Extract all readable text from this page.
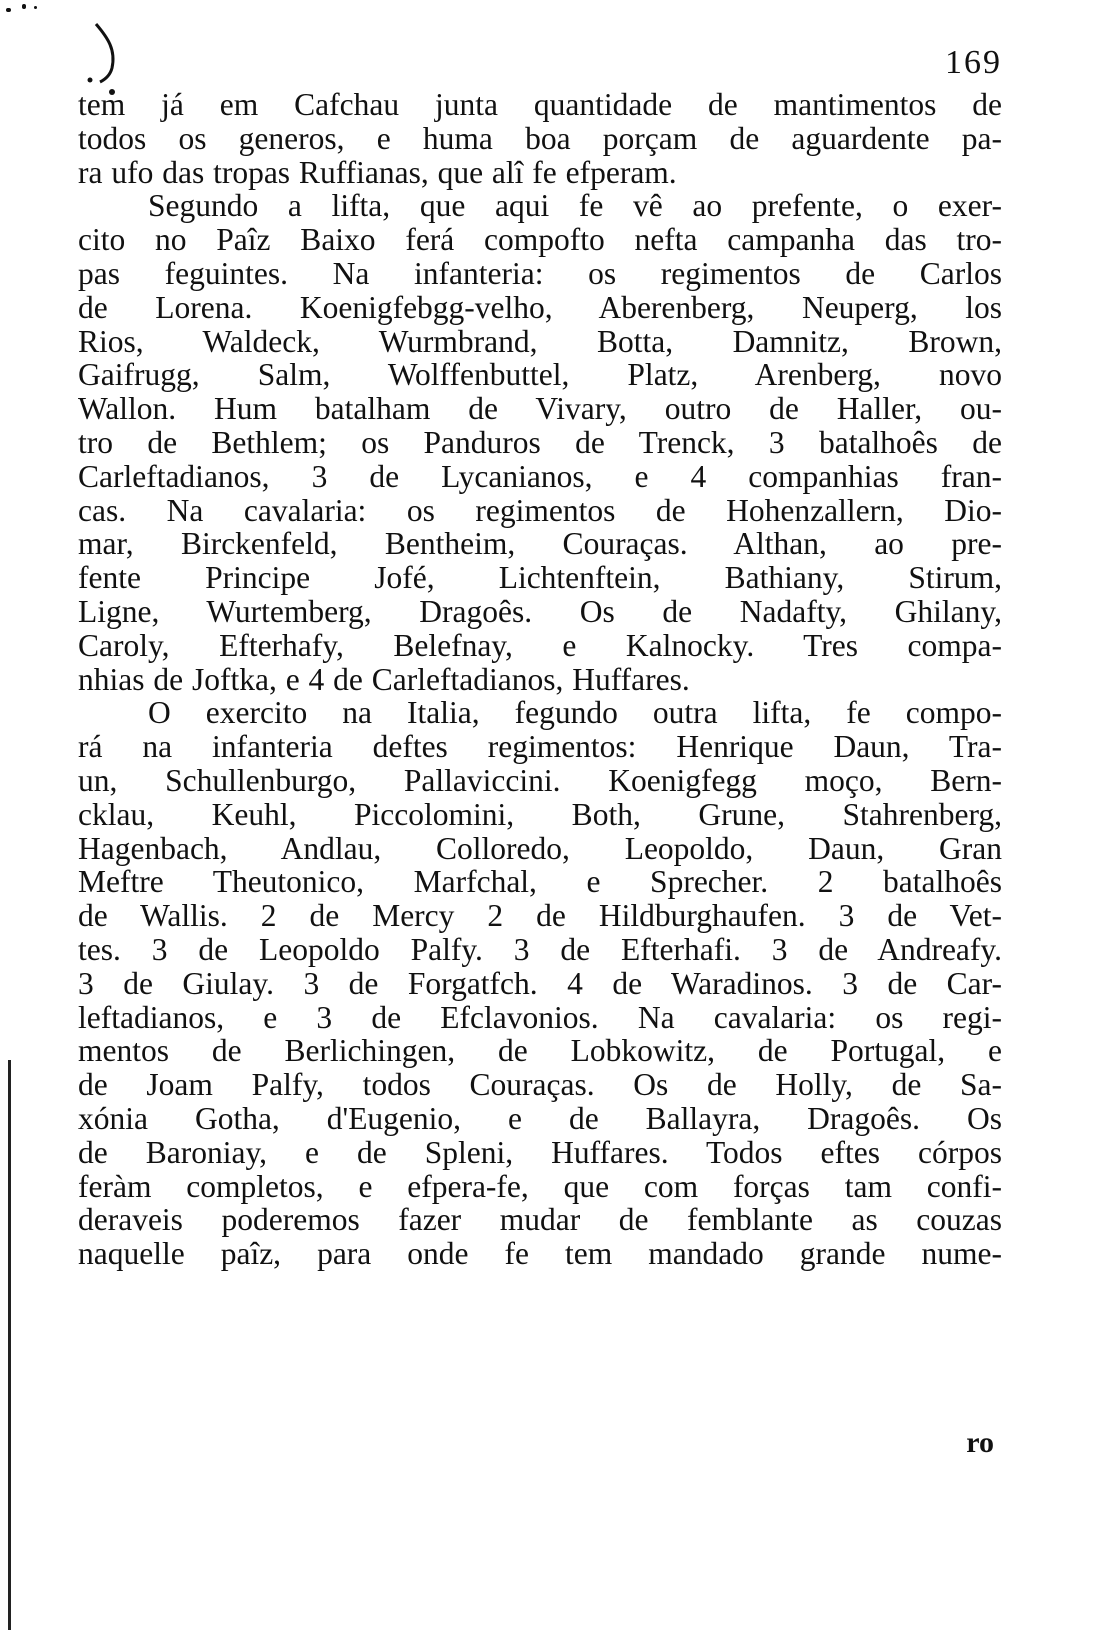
169
tem já em Cafchau junta quantidade de mantimentos de
todos os generos, e huma boa porçam de aguardente pa-
ra ufo das tropas Ruffianas, que alî fe efperam.
Segundo a lifta, que aqui fe vê ao prefente, o exer-
cito no Paîz Baixo ferá compofto nefta campanha das tro-
pas feguintes. Na infanteria: os regimentos de Carlos
de Lorena. Koenigfebgg-velho, Aberenberg, Neuperg, los
Rios, Waldeck, Wurmbrand, Botta, Damnitz, Brown,
Gaifrugg, Salm, Wolffenbuttel, Platz, Arenberg, novo
Wallon. Hum batalham de Vivary, outro de Haller, ou-
tro de Bethlem; os Panduros de Trenck, 3 batalhoês de
Carleftadianos, 3 de Lycanianos, e 4 companhias fran-
cas. Na cavalaria: os regimentos de Hohenzallern, Dio-
mar, Birckenfeld, Bentheim, Couraças. Althan, ao pre-
fente Principe Jofé, Lichtenftein, Bathiany, Stirum,
Ligne, Wurtemberg, Dragoês. Os de Nadafty, Ghilany,
Caroly, Efterhafy, Belefnay, e Kalnocky. Tres compa-
nhias de Joftka, e 4 de Carleftadianos, Huffares.
O exercito na Italia, fegundo outra lifta, fe compo-
rá na infanteria deftes regimentos: Henrique Daun, Tra-
un, Schullenburgo, Pallaviccini. Koenigfegg moço, Bern-
cklau, Keuhl, Piccolomini, Both, Grune, Stahrenberg,
Hagenbach, Andlau, Colloredo, Leopoldo, Daun, Gran
Meftre Theutonico, Marfchal, e Sprecher. 2 batalhoês
de Wallis. 2 de Mercy 2 de Hildburghaufen. 3 de Vet-
tes. 3 de Leopoldo Palfy. 3 de Efterhafi. 3 de Andreafy.
3 de Giulay. 3 de Forgatfch. 4 de Waradinos. 3 de Car-
leftadianos, e 3 de Efclavonios. Na cavalaria: os regi-
mentos de Berlichingen, de Lobkowitz, de Portugal, e
de Joam Palfy, todos Couraças. Os de Holly, de Sa-
xónia Gotha, d'Eugenio, e de Ballayra, Dragoês. Os
de Baroniay, e de Spleni, Huffares. Todos eftes córpos
feràm completos, e efpera-fe, que com forças tam confi-
deraveis poderemos fazer mudar de femblante as couzas
naquelle paîz, para onde fe tem mandado grande nume-
ro
